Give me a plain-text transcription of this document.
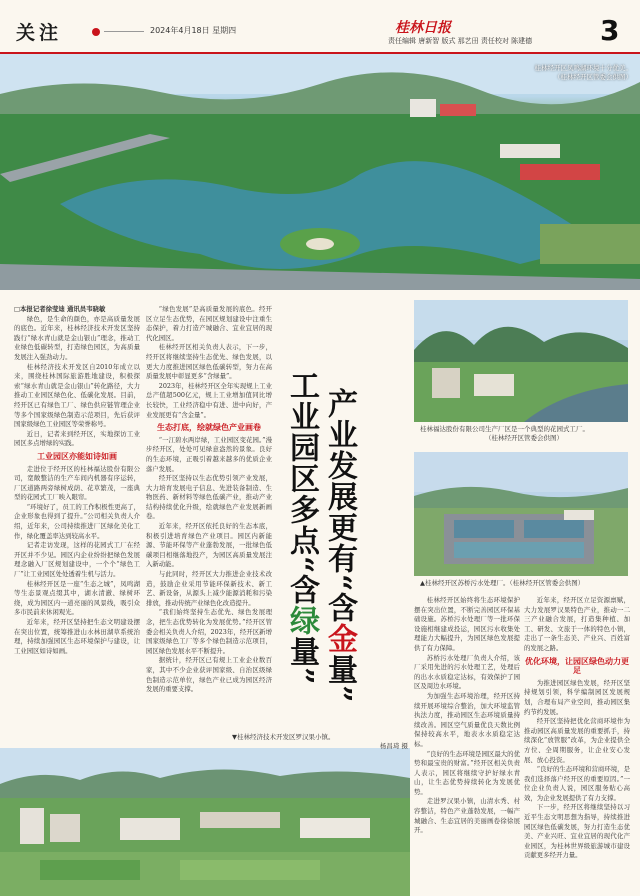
关注	2024年4月18日 星期四	桂林日报
责任编辑 唐新智 版式 那艺田 责任校对 陈建德 3
桂林经开区凤鸣湖环境十分优美。
（桂林经开区管委会供图）
桂林福达股份有限公司生产厂区是一个典型的花园式工厂。
（桂林经开区管委会供图）
▲桂林经开区苏桥污水处理厂。（桂林经开区管委会供图）
▼桂林经济技术开发区罗汉果小镇。
杨昌琦 摄
产业发展更有“含金量”
工业园区多点“含绿量”

□本报记者徐莹迪 通讯员韦晓敏

绿色，是生命的颜色，亦是高质量发展的底色。近年来，桂林经济技术开发区坚持践行“绿水青山就是金山银山”理念，推动工业绿色低碳转型，打造绿色园区，为高质量发展注入强劲动力。

桂林经济技术开发区自2010年成立以来，围绕桂林国际旅游胜地建设，积极探索“绿水青山就是金山银山”转化路径，大力推动工业园区绿色化、低碳化发展。目前，经开区已有绿色工厂、绿色供应链管理企业等多个国家级绿色制造示范项目，先后获评国家级绿色工业园区等荣誉称号。

近日，记者来到经开区，实地探访工业园区多点增绿的实践。

工业园区亦能如诗如画

走进位于经开区的桂林福达股份有限公司，宽敞整洁的生产车间内机器有序运转，厂区道路两旁绿树成荫、花草繁茂，一座典型的花园式工厂映入眼帘。

“环境好了，员工的工作积极性更高了，企业形象也得到了提升。”公司相关负责人介绍，近年来，公司持续推进厂区绿化美化工作，绿化覆盖率达到较高水平。

记者走访发现，这样的花园式工厂在经开区并不少见。园区内企业纷纷把绿色发展理念融入厂区规划建设中，一个个“绿色工厂”让工业园区处处透着生机与活力。

桂林经开区是一座“生态之城”，凤鸣湖等生态景观点缀其中，湖水清澈、绿树环绕，成为园区内一道亮丽的风景线，吸引众多市民前来休闲观光。

近年来，经开区坚持把生态文明建设摆在突出位置，统筹推进山水林田湖草系统治理，持续加强园区生态环境保护与建设，让工业园区如诗如画。

“绿色发展”是高质量发展的底色。经开区立足生态优势，在园区规划建设中注重生态保护，着力打造产城融合、宜业宜居的现代化园区。

桂林经开区相关负责人表示，下一步，经开区将继续坚持生态优先、绿色发展，以更大力度推进园区绿色低碳转型，努力在高质量发展中彰显更多“含绿量”。

2023年，桂林经开区全年实现规上工业总产值超500亿元，规上工业增加值同比增长较快，工业经济稳中有进、进中向好，产业发展更有“含金量”。

生态打底，绘就绿色产业画卷

“一江碧水两岸绿，工业园区变花园。”漫步经开区，处处可见绿意盎然的景象。良好的生态环境，正吸引着越来越多的优质企业落户发展。

经开区坚持以生态优势引领产业发展，大力培育发展电子信息、先进装备制造、生物医药、新材料等绿色低碳产业，推动产业结构持续优化升级，绘就绿色产业发展新画卷。

近年来，经开区依托良好的生态本底，积极引进培育绿色产业项目。园区内新能源、节能环保等产业蓬勃发展，一批绿色低碳项目相继落地投产，为园区高质量发展注入新动能。

与此同时，经开区大力推进企业技术改造，鼓励企业采用节能环保新技术、新工艺、新设备，从源头上减少能源消耗和污染排放，推动传统产业绿色化改造提升。

“我们始终坚持生态优先、绿色发展理念，把生态优势转化为发展优势。”经开区管委会相关负责人介绍，2023年，经开区新增国家级绿色工厂等多个绿色制造示范项目，园区绿色发展水平不断提升。

据统计，经开区已有规上工业企业数百家，其中不少企业获评国家级、自治区级绿色制造示范单位，绿色产业已成为园区经济发展的重要支撑。

桂林经开区始终将生态环境保护摆在突出位置，不断完善园区环保基础设施。苏桥污水处理厂等一批环保设施相继建成投运，园区污水收集处理能力大幅提升，为园区绿色发展提供了有力保障。

苏桥污水处理厂负责人介绍，该厂采用先进的污水处理工艺，处理后的出水水质稳定达标，有效保护了园区及周边水环境。

为加强生态环境治理，经开区持续开展环境综合整治，加大环境监管执法力度，推动园区生态环境质量持续改善。园区空气质量优良天数比例保持较高水平，地表水水质稳定达标。

“良好的生态环境是园区最大的优势和最宝贵的财富。”经开区相关负责人表示，园区将继续守护好绿水青山，让生态优势持续转化为发展优势。

走进罗汉果小镇，山清水秀、村容整洁，特色产业蓬勃发展，一幅产城融合、生态宜居的美丽画卷徐徐展开。

近年来，经开区立足资源禀赋，大力发展罗汉果特色产业，推动一二三产业融合发展，打造集种植、加工、研发、文旅于一体的特色小镇，走出了一条生态美、产业兴、百姓富的发展之路。

优化环境，让园区绿色动力更足

为推进园区绿色发展，经开区坚持规划引领，科学编制园区发展规划，合理布局产业空间，推动园区集约节约发展。

经开区坚持把优化营商环境作为推动园区高质量发展的重要抓手，持续深化“放管服”改革，为企业提供全方位、全周期服务，让企业安心发展、放心投资。

“良好的生态环境和营商环境，是我们选择落户经开区的重要原因。”一位企业负责人说，园区服务贴心高效，为企业发展提供了有力支撑。

下一步，经开区将继续坚持以习近平生态文明思想为指导，持续推进园区绿色低碳发展，努力打造生态优美、产业兴旺、宜业宜居的现代化产业园区，为桂林世界级旅游城市建设贡献更多经开力量。
